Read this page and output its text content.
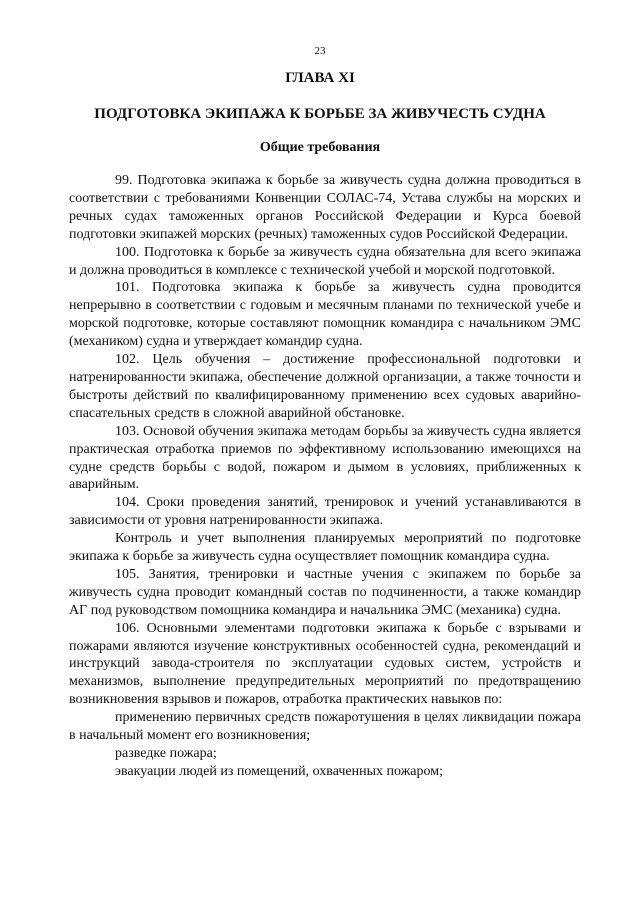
23
ГЛАВА XI
ПОДГОТОВКА ЭКИПАЖА К БОРЬБЕ ЗА ЖИВУЧЕСТЬ СУДНА
Общие требования

99. Подготовка экипажа к борьбе за живучесть судна должна проводиться в соответствии с требованиями Конвенции СОЛАС-74, Устава службы на морских и речных судах таможенных органов Российской Федерации и Курса боевой подготовки экипажей морских (речных) таможенных судов Российской Федерации.

100. Подготовка к борьбе за живучесть судна обязательна для всего экипажа и должна проводиться в комплексе с технической учебой и морской подготовкой.

101. Подготовка экипажа к борьбе за живучесть судна проводится непрерывно в соответствии с годовым и месячным планами по технической учебе и морской подготовке, которые составляют помощник командира с начальником ЭМС (механиком) судна и утверждает командир судна.

102. Цель обучения – достижение профессиональной подготовки и натренированности экипажа, обеспечение должной организации, а также точности и быстроты действий по квалифицированному применению всех судовых аварийно-спасательных средств в сложной аварийной обстановке.

103. Основой обучения экипажа методам борьбы за живучесть судна является практическая отработка приемов по эффективному использованию имеющихся на судне средств борьбы с водой, пожаром и дымом в условиях, приближенных к аварийным.

104. Сроки проведения занятий, тренировок и учений устанавливаются в зависимости от уровня натренированности экипажа.

Контроль и учет выполнения планируемых мероприятий по подготовке экипажа к борьбе за живучесть судна осуществляет помощник командира судна.

105. Занятия, тренировки и частные учения с экипажем по борьбе за живучесть судна проводит командный состав по подчиненности, а также командир АГ под руководством помощника командира и начальника ЭМС (механика) судна.

106. Основными элементами подготовки экипажа к борьбе с взрывами и пожарами являются изучение конструктивных особенностей судна, рекомендаций и инструкций завода-строителя по эксплуатации судовых систем, устройств и механизмов, выполнение предупредительных мероприятий по предотвращению возникновения взрывов и пожаров, отработка практических навыков по:

применению первичных средств пожаротушения в целях ликвидации пожара в начальный момент его возникновения;

разведке пожара;

эвакуации людей из помещений, охваченных пожаром;
